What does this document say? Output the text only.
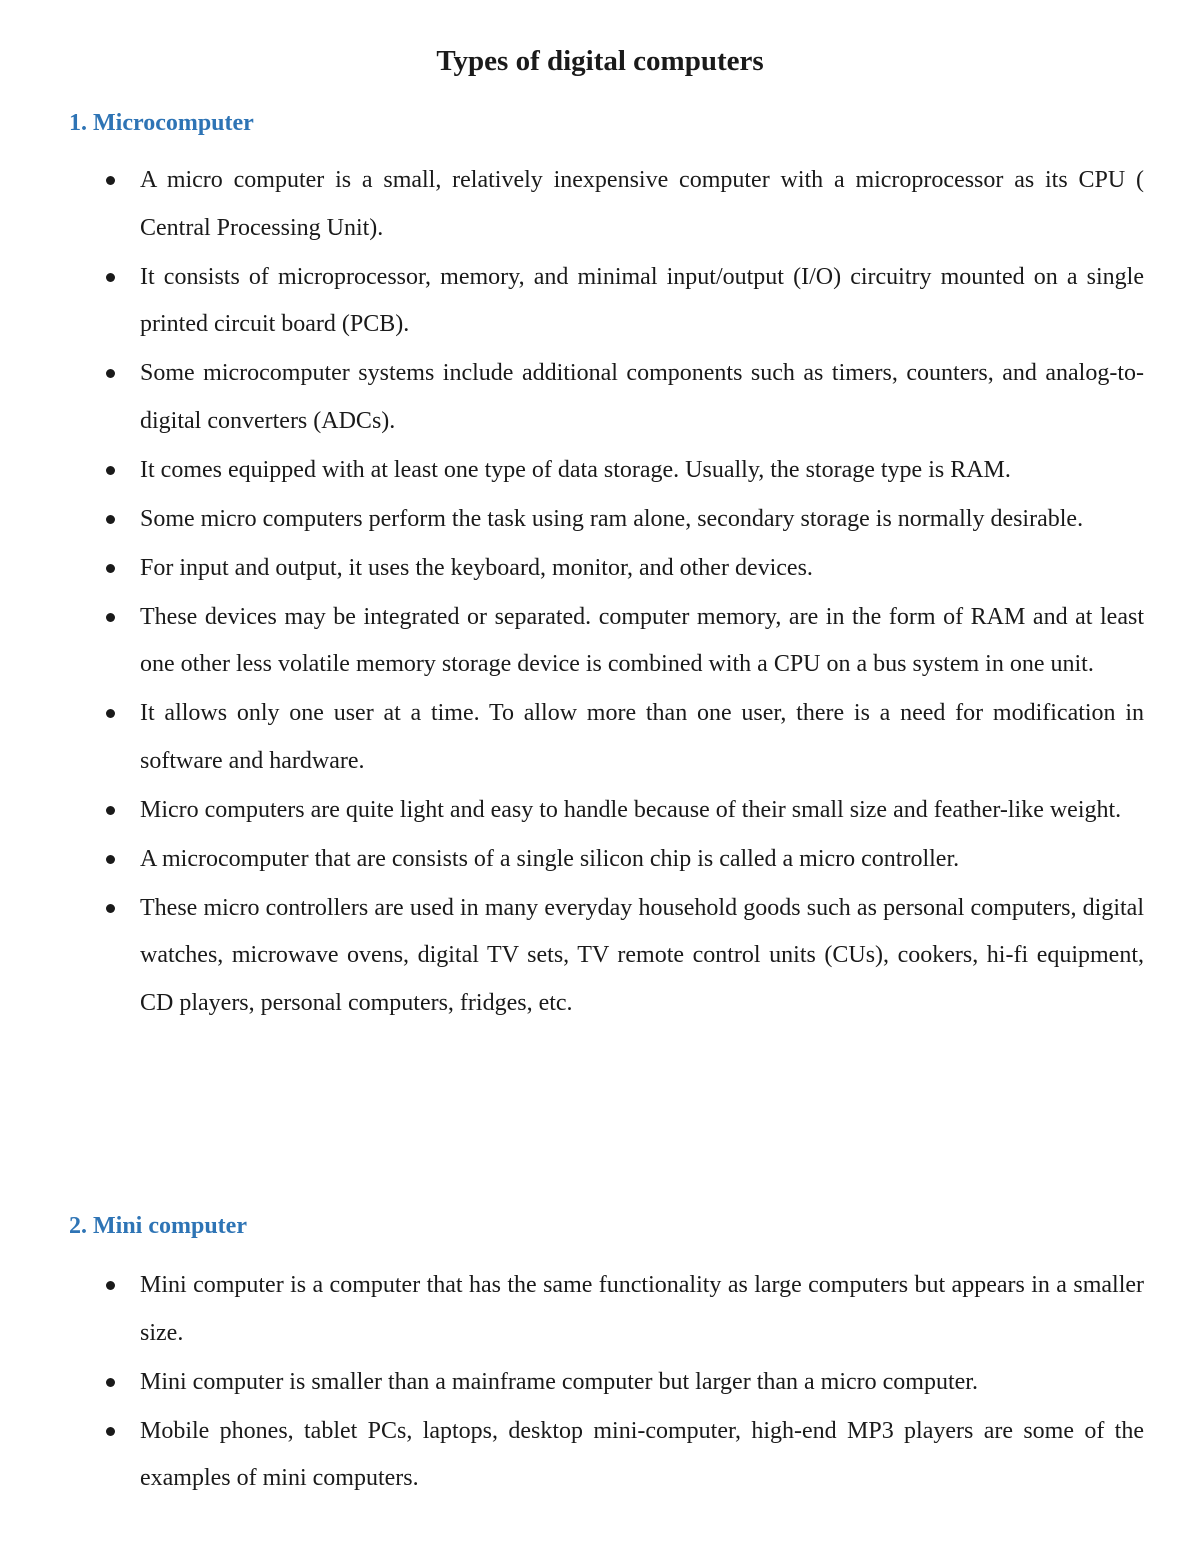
Types of digital computers
1. Microcomputer
A micro computer is a small, relatively inexpensive computer with a microprocessor as its CPU ( Central Processing Unit).
It consists of microprocessor, memory, and minimal input/output (I/O) circuitry mounted on a single printed circuit board (PCB).
Some microcomputer systems include additional components such as timers, counters, and analog-to-digital converters (ADCs).
It comes equipped with at least one type of data storage. Usually, the storage type is RAM.
Some micro computers perform the task using ram alone, secondary storage is normally desirable.
For input and output, it uses the keyboard, monitor, and other devices.
These devices may be integrated or separated. computer memory, are in the form of RAM and at least one other less volatile memory storage device is combined with a CPU on a bus system in one unit.
It allows only one user at a time. To allow more than one user, there is a need for modification in software and hardware.
Micro computers are quite light and easy to handle because of their small size and feather-like weight.
A microcomputer that are consists of a single silicon chip is called a micro controller.
These micro controllers are used in many everyday household goods such as personal computers, digital watches, microwave ovens, digital TV sets, TV remote control units (CUs), cookers, hi-fi equipment, CD players, personal computers, fridges, etc.
2. Mini computer
Mini computer is a computer that has the same functionality as large computers but appears in a smaller size.
Mini computer is smaller than a mainframe computer but larger than a micro computer.
Mobile phones, tablet PCs, laptops, desktop mini-computer, high-end MP3 players are some of the examples of mini computers.
